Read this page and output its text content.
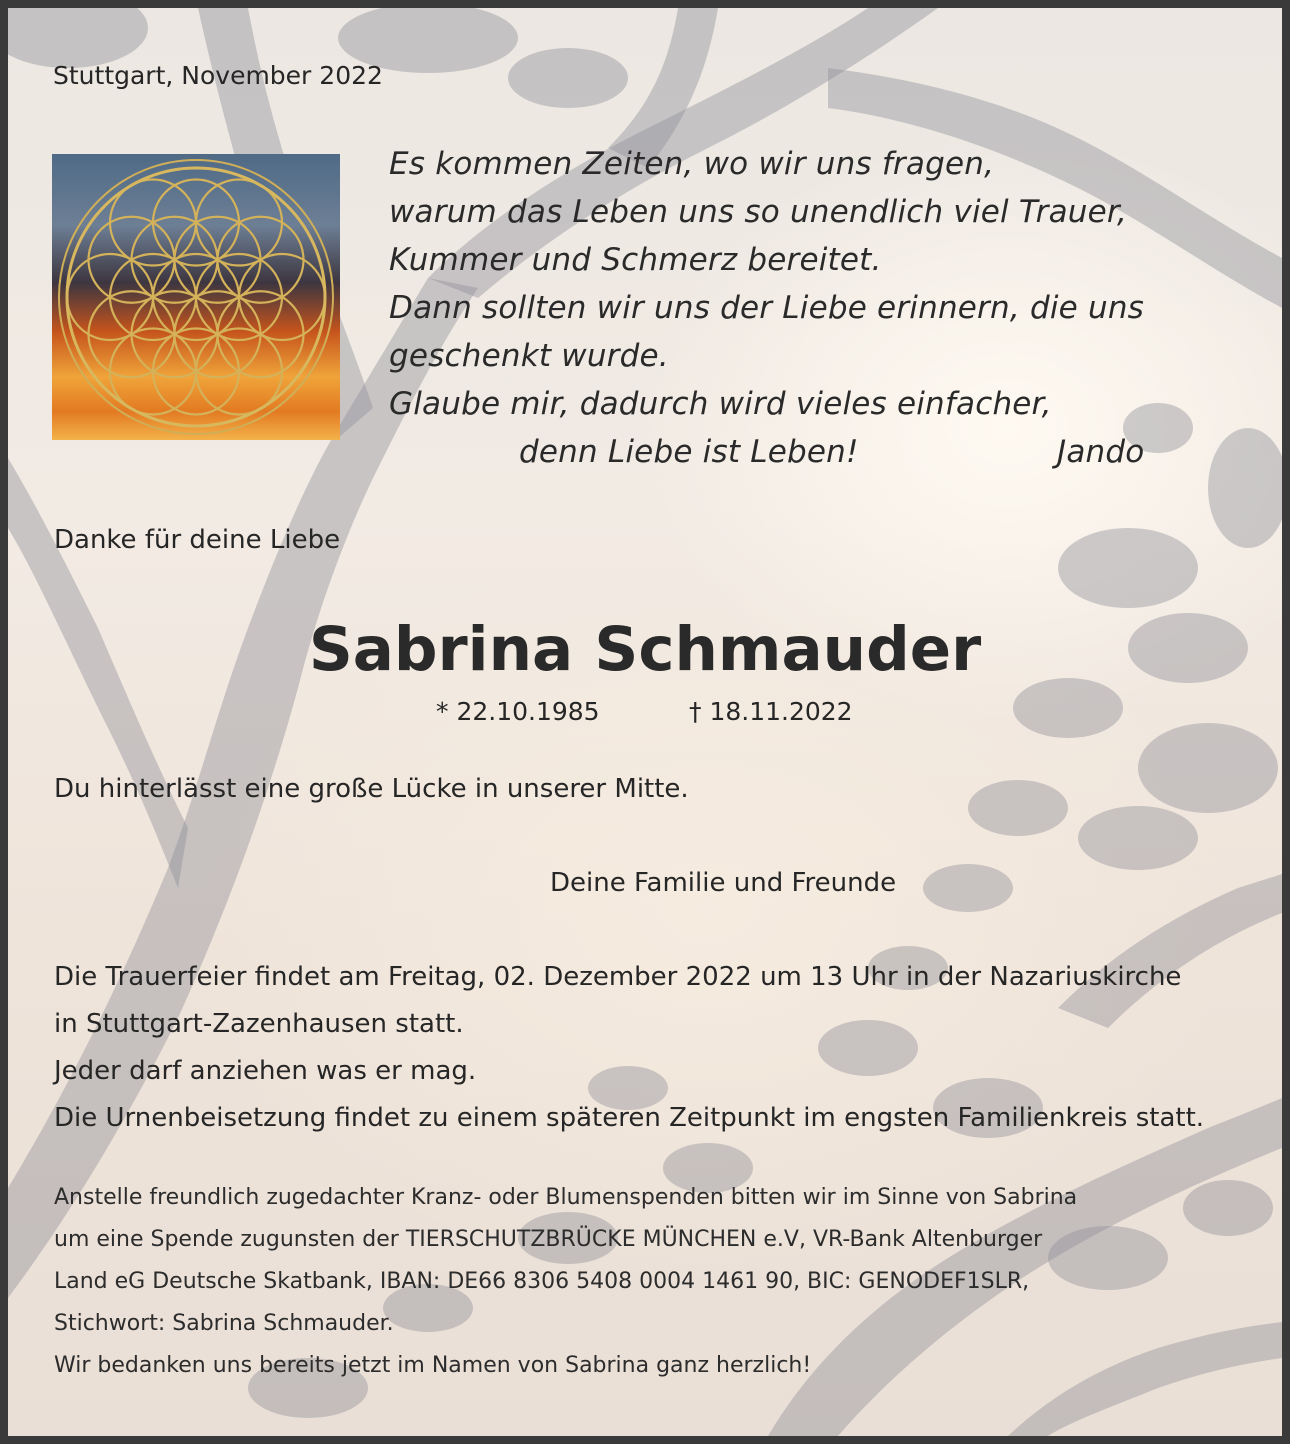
Stuttgart, November 2022

Es kommen Zeiten, wo wir uns fragen,
warum das Leben uns so unendlich viel Trauer,
Kummer und Schmerz bereitet.
Dann sollten wir uns der Liebe erinnern, die uns
geschenkt wurde.
Glaube mir, dadurch wird vieles einfacher,
denn Liebe ist Leben!	Jando

Danke für deine Liebe

Sabrina Schmauder

* 22.10.1985	† 18.11.2022

Du hinterlässt eine große Lücke in unserer Mitte.

Deine Familie und Freunde

Die Trauerfeier findet am Freitag, 02. Dezember 2022 um 13 Uhr in der Nazariuskirche
in Stuttgart-Zazenhausen statt.
Jeder darf anziehen was er mag.
Die Urnenbeisetzung findet zu einem späteren Zeitpunkt im engsten Familienkreis statt.
Anstelle freundlich zugedachter Kranz- oder Blumenspenden bitten wir im Sinne von Sabrina
um eine Spende zugunsten der TIERSCHUTZBRÜCKE MÜNCHEN e.V, VR-Bank Altenburger
Land eG Deutsche Skatbank, IBAN: DE66 8306 5408 0004 1461 90, BIC: GENODEF1SLR,
Stichwort: Sabrina Schmauder.
Wir bedanken uns bereits jetzt im Namen von Sabrina ganz herzlich!
